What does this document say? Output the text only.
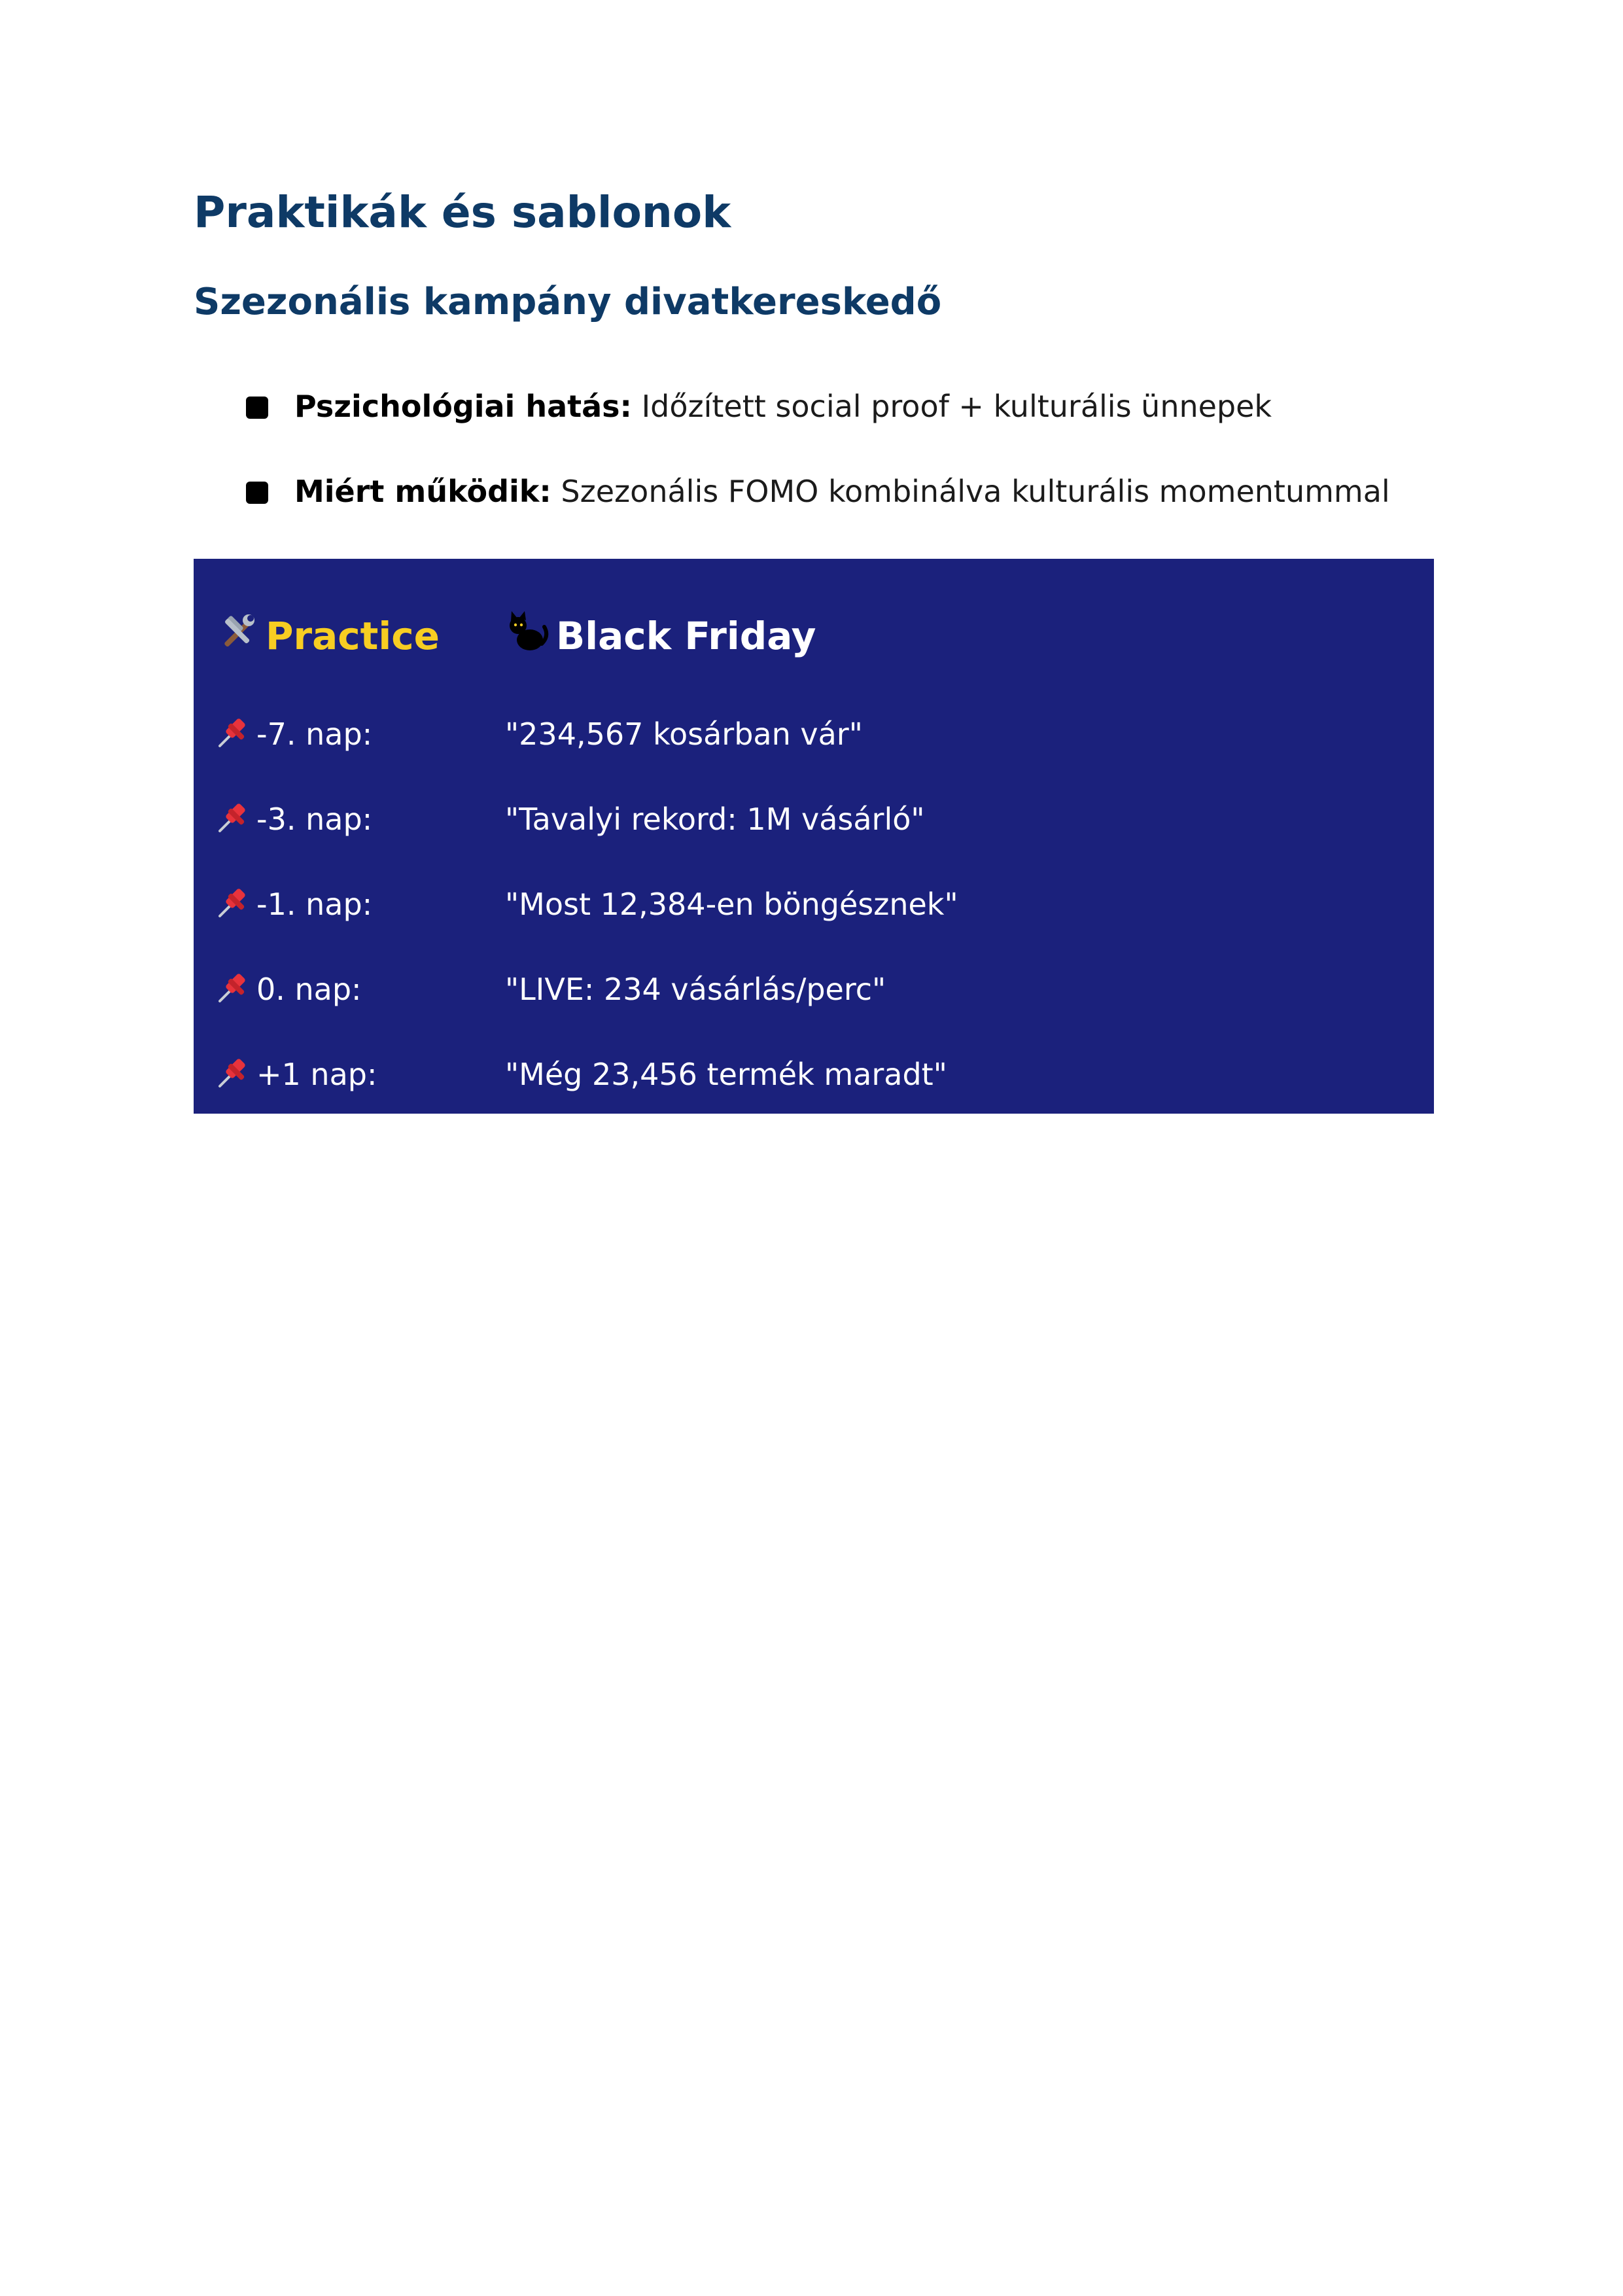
Praktikák és sablonok
Szezonális kampány divatkereskedő
Pszichológiai hatás: Időzített social proof + kulturális ünnepek
Miért működik: Szezonális FOMO kombinálva kulturális momentummal
Practice	Black Friday
-7. nap:	"234,567 kosárban vár"
-3. nap:	"Tavalyi rekord: 1M vásárló"
-1. nap:	"Most 12,384-en böngésznek"
0. nap:	"LIVE: 234 vásárlás/perc"
+1 nap:	"Még 23,456 termék maradt"
